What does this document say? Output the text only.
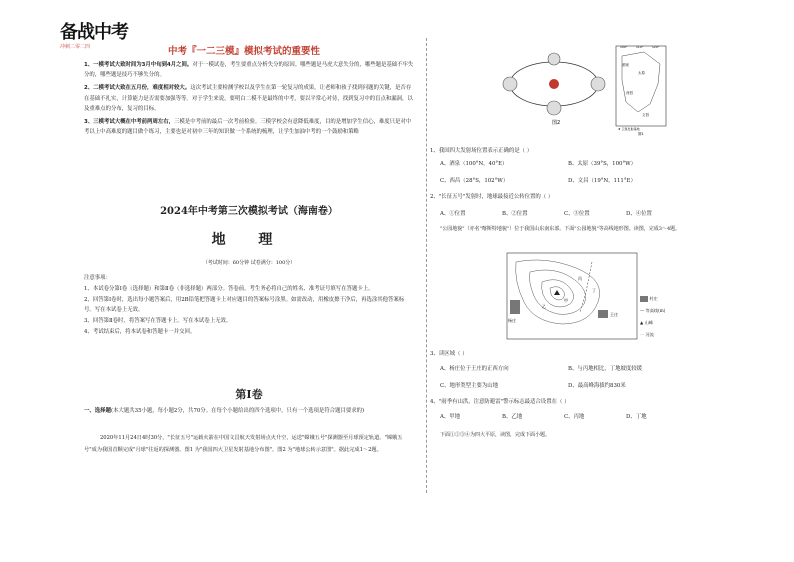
备战中考
冲刺二零二四	中考『一二三模』模拟考试的重要性

1、一模考试大致时间为3月中旬到4月之间。对于一模试卷，考生要重点分析失分的原因。哪些题是马虎大意失分的，哪些题是基础不牢失分的，哪些题是技巧不够失分的。

2、二模考试大致在五月份，难度相对较大。这次考试主要检测学校以及学生在第一轮复习的成果，让老师和孩子找到问题的关键，是否存在基础不扎实，计算能力是否需要加强等等。对于学生来说，要明白二模不是最终的中考，要以平常心对待，找到复习中的盲点和漏洞，以及重难点的分布，复习的目标。

3、三模考试大概在中考前两周左右，三模是中考前的最后一次考前检验。三模学校会有意降低难度，目的是增加学生信心，难度只是对中考以上中高难度的题目做个练习，主要也是对初中三年的知识做一个系统的梳理，让学生加油中考的一个鼓励和策略

2024年中考第三次模拟考试（海南卷）
地 理
（考试时间：60分钟 试卷满分：100分）

注意事项：

1、本试卷分第Ⅰ卷（选择题）和第Ⅱ卷（非选择题）两部分。答卷前，考生务必将自己的姓名、准考证号填写在答题卡上。

2、回答第Ⅰ卷时，选出每小题答案后，用2B铅笔把答题卡上对应题目的答案标号涂黑。如需改动，用橡皮擦干净后，再选涂其他答案标号。写在本试卷上无效。

3、回答第Ⅱ卷时，将答案写在答题卡上。写在本试卷上无效。

4、考试结束后，将本试卷和答题卡一并交回。

第Ⅰ卷
一、选择题(本大题共35小题，每小题2分，共70分。在每个小题给出的四个选项中，只有一个选项是符合题目要求的)

2020年11月24日4时30分，"长征五号"运载火箭在中国文昌航天发射场点火升空，运送"嫦娥五号"探测器至月球预定轨道。"嫦娥五号"成为我国首颗完成"月球"往返的探测器。图1 为"我国四大卫星发射基地分布图"，图2 为"地球公转示意图"。据此完成1～2题。

图2
100°	110°	120°
酒泉
太原
西昌
文昌
★ 卫星发射基地
图1
1、我国四大发射场位置表示正确的是（ ）
A、酒泉（100°N，40°E）	B、太原（39°S，100°W）
C、西昌（28°S，102°W）	D、文昌（19°N，111°E）
2、"长征五号"发射时，地球最接近公转位置的（ ）
A、①位置	B、②位置	C、③位置	D、④位置
"公园地貌"（亦名"喀斯特地貌"）位于我国山东南东部。下面"公园地貌"等高线地形图。读图，完成3～4题。
甲
乙
丙
丁
杨庄
王庄
村庄
— 等高线(m)
▲ 山峰
⋯ 河流
3、读区域（ ）
A、杨庄位于王庄的正西方向	B、与丙地相比，丁地坡度较缓
C、地形类型主要为山地	D、最高峰海拔约830米
4、"雨季有山洪，注意防避雷"警示标志最适合设置在（ ）
A、甲地	B、乙地	C、丙地	D、丁地
下面①②③④为四大平原，读图，完成下面小题。
